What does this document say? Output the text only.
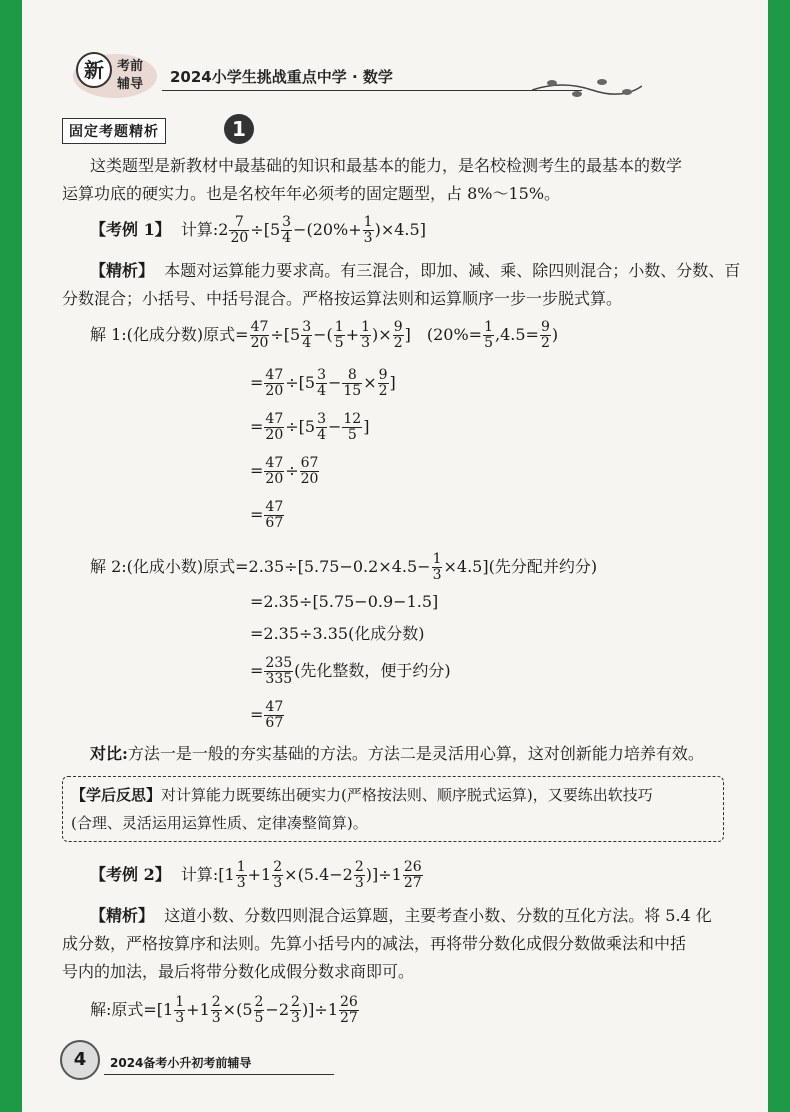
新 考前
辅导 2024小学生挑战重点中学 · 数学
固定考题精析	1
这类题型是新教材中最基础的知识和最基本的能力，是名校检测考生的最基本的数学
运算功底的硬实力。也是名校年年必须考的固定题型，占 8%～15%。
【考例 1】 计算:2 $\frac{7}{20} \div[5 \frac{3}{4} -(20\%+ \frac{1}{3} )\times 4.5]$
【精析】 本题对运算能力要求高。有三混合，即加、减、乘、除四则混合；小数、分数、百
分数混合；小括号、中括号混合。严格按运算法则和运算顺序一步一步脱式算。
解 1:(化成分数)原式= $\frac{47}{20} \div[5 \frac{3}{4}$ −( $\frac{1}{5} + \frac{1}{3}$ )× $\frac{9}{2}$ ]　($20\%= \frac{1}{5} ,4.5= \frac{9}{2}$ )
= $\frac{47}{20} \div[5 \frac{3}{4} - \frac{8}{15} \times \frac{9}{2}$ ]
= $\frac{47}{20} \div[5 \frac{3}{4} - \frac{12}{5}$ ]
= $\frac{47}{20} \div \frac{67}{20}$
= $\frac{47}{67}$
解 2:(化成小数)原式$=2.35\div[5.75-0.2\times 4.5- \frac{1}{3} \times 4.5]$(先分配并约分)
=2.35÷[5.75−0.9−1.5]
=2.35÷3.35(化成分数)
= $\frac{235}{335}$ (先化整数，便于约分)
= $\frac{47}{67}$
对比:方法一是一般的夯实基础的方法。方法二是灵活用心算，这对创新能力培养有效。
【学后反思】对计算能力既要练出硬实力(严格按法则、顺序脱式运算)，又要练出软技巧
(合理、灵活运用运算性质、定律凑整简算)。
【考例 2】 计算:[1 $\frac{1}{3} +1 \frac{2}{3} \times(5.4-2 \frac{2}{3} )]\div 1 \frac{26}{27}$
【精析】 这道小数、分数四则混合运算题，主要考查小数、分数的互化方法。将 5.4 化
成分数，严格按算序和法则。先算小括号内的减法，再将带分数化成假分数做乘法和中括
号内的加法，最后将带分数化成假分数求商即可。
解:原式$=[1 \frac{1}{3} +1 \frac{2}{3} \times(5 \frac{2}{5} -2 \frac{2}{3} )]\div 1 \frac{26}{27}$
4	2024备考小升初考前辅导
